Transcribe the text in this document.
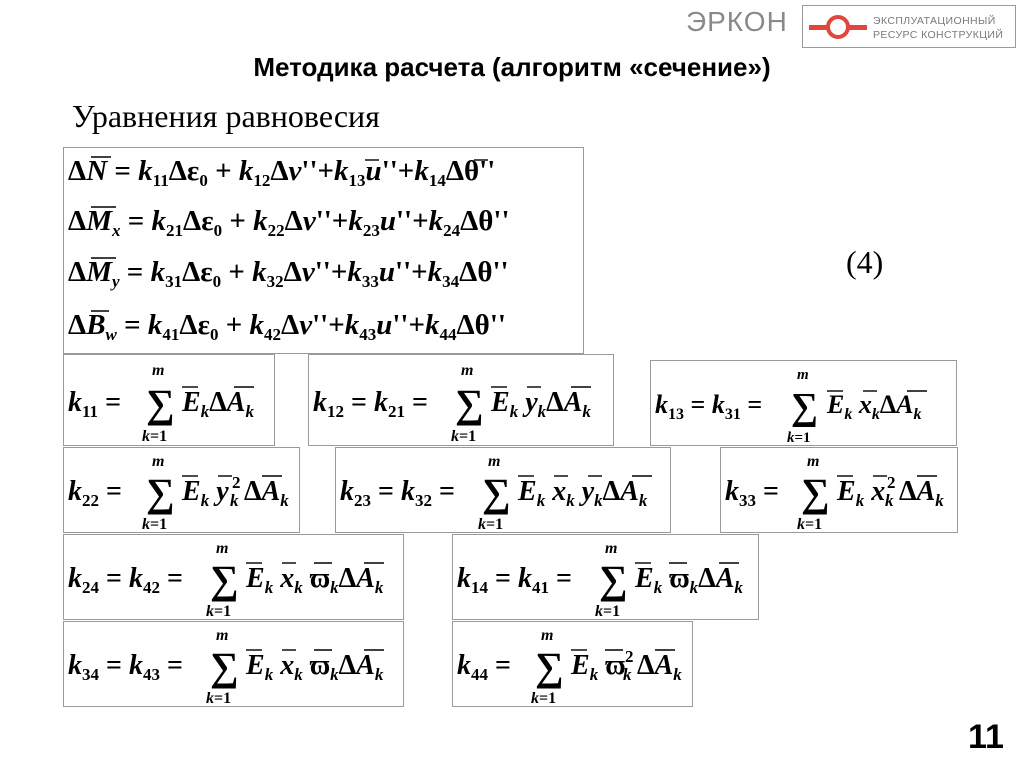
ЭРКОН	ЭКСПЛУАТАЦИОННЫЙ
РЕСУРС КОНСТРУКЦИЙ
Методика расчета (алгоритм «сечение»)
Уравнения равновесия
(4)
$\Delta N = k_{11}\Delta\varepsilon_0 + k_{12}\Delta v''+k_{13}u''+k_{14}\Delta\theta''$
$\Delta M_x = k_{21}\Delta\varepsilon_0 + k_{22}\Delta v''+k_{23}u''+k_{24}\Delta\theta''$
$\Delta M_y = k_{31}\Delta\varepsilon_0 + k_{32}\Delta v''+k_{33}u''+k_{34}\Delta\theta''$
$\Delta B_w = k_{41}\Delta\varepsilon_0 + k_{42}\Delta v''+k_{43}u''+k_{44}\Delta\theta''$
$k_{11}$ = ∑
m
k=1
$E_k\Delta A_k$ $k_{12} = k_{21}$ = ∑
m
k=1
$E_k$ $y_k\Delta A_k$ $k_{13} = k_{31}$ = ∑
m
k=1
$E_k$ $x_k\Delta A_k$
$k_{22}$ = ∑
m
k=1
$E_k$ y 2
k $\Delta A_k$ $k_{23} = k_{32}$ = ∑
m
k=1
$E_k$ $x_k$ $y_k\Delta A_k$	$k_{33}$ = ∑
m
k=1
$E_k$ x 2
k $\Delta A_k$
$k_{24} = k_{42}$ = ∑
m
k=1
$E_k$ $x_k$ $ϖ_k\Delta A_k$	$k_{14} = k_{41}$ = ∑
m
k=1
$E_k$ $ϖ_k\Delta A_k$
$k_{34} = k_{43}$ = ∑
m
k=1
$E_k$ $x_k$ $ϖ_k\Delta A_k$	$k_{44}$ = ∑
m
k=1
$E_k$ ϖ 2
k $\Delta A_k$
11
